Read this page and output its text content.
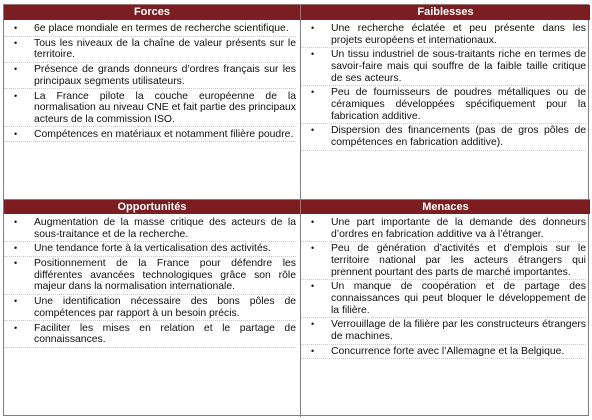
Forces	Faiblesses
• 6e place mondiale en termes de recherche scientifique.
• Tous les niveaux de la chaîne de valeur présents sur le territoire.
• Présence de grands donneurs d’ordres français sur les principaux segments utilisateurs.
• La France pilote la couche européenne de la normalisation au niveau CNE et fait partie des principaux acteurs de la commission ISO.
• Compétences en matériaux et notamment filière poudre.
• Une recherche éclatée et peu présente dans les projets européens et internationaux.
• Un tissu industriel de sous-traitants riche en termes de savoir-faire mais qui souffre de la faible taille critique de ses acteurs.
• Peu de fournisseurs de poudres métalliques ou de céramiques développées spécifiquement pour la fabrication additive.
• Dispersion des financements (pas de gros pôles de compétences en fabrication additive).
Opportunités	Menaces
• Augmentation de la masse critique des acteurs de la sous-traitance et de la recherche.
• Une tendance forte à la verticalisation des activités.
• Positionnement de la France pour défendre les différentes avancées technologiques grâce son rôle majeur dans la normalisation internationale.
• Une identification nécessaire des bons pôles de compétences par rapport à un besoin précis.
• Faciliter les mises en relation et le partage de connaissances.
• Une part importante de la demande des donneurs d’ordres en fabrication additive va à l’étranger.
• Peu de génération d’activités et d’emplois sur le territoire national par les acteurs étrangers qui prennent pourtant des parts de marché importantes.
• Un manque de coopération et de partage des connaissances qui peut bloquer le développement de la filière.
• Verrouillage de la filière par les constructeurs étrangers de machines.
• Concurrence forte avec l’Allemagne et la Belgique.
